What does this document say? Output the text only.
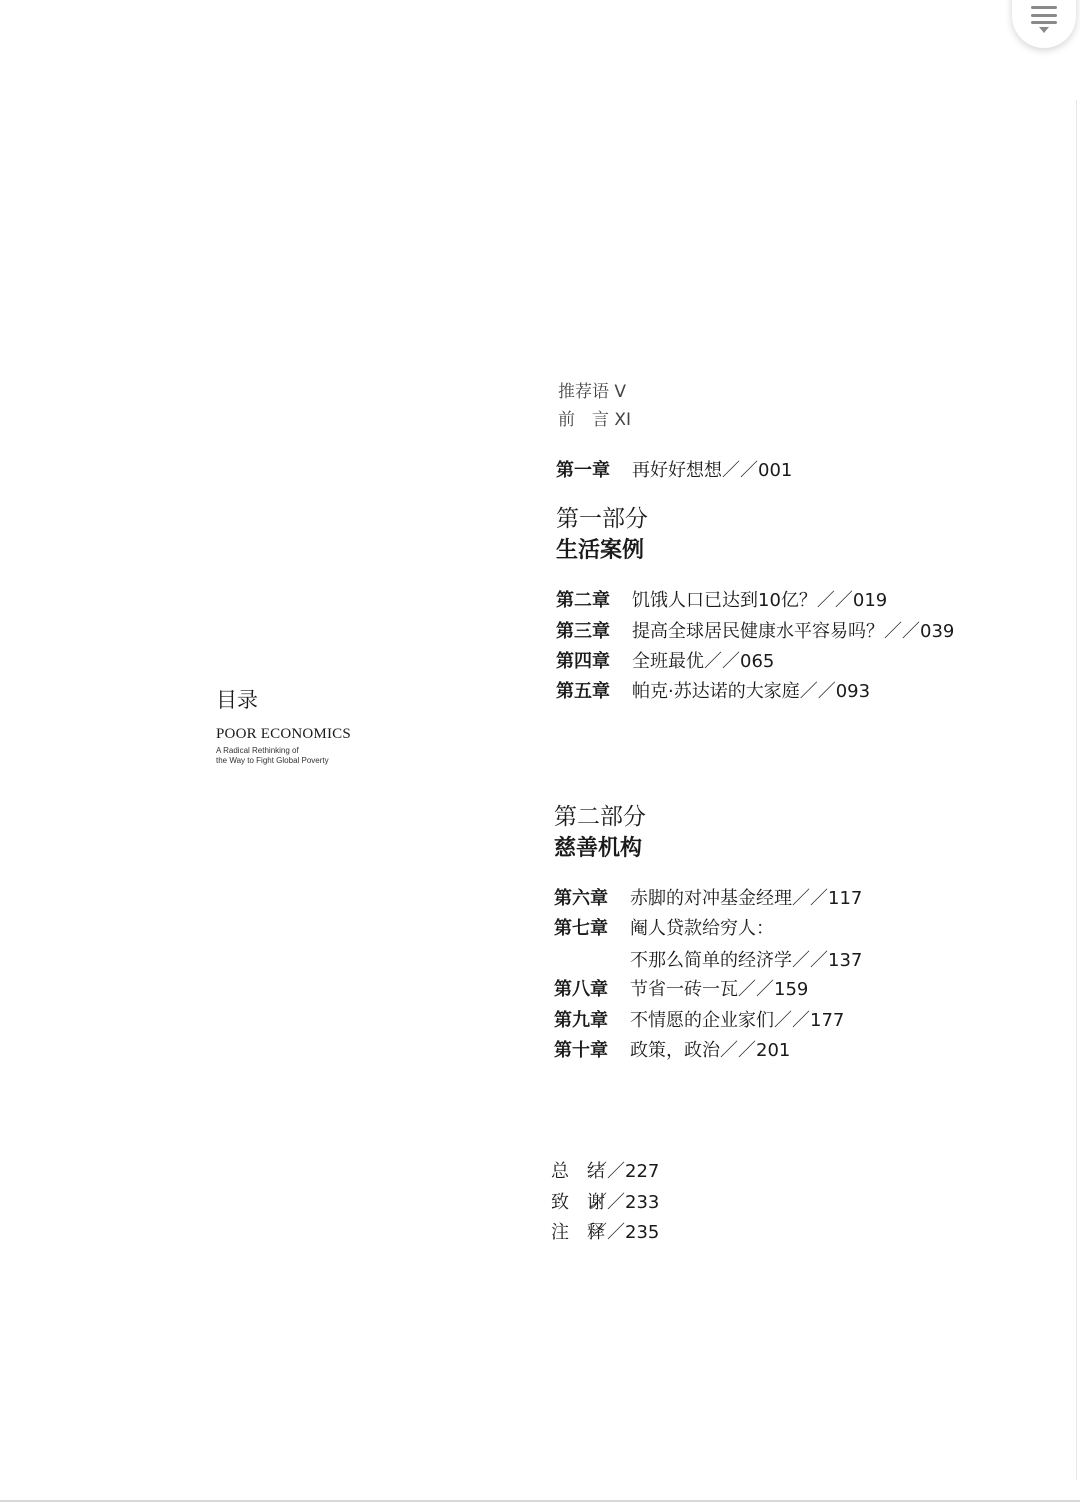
目录
POOR ECONOMICS
A Radical Rethinking of
the Way to Fight Global Poverty
推荐语 V
前　言 XI
第一章 再好好想想／／001
第一部分
生活案例
第二章 饥饿人口已达到10亿？／／019
第三章 提高全球居民健康水平容易吗？／／039
第四章 全班最优／／065
第五章 帕克·苏达诺的大家庭／／093
第二部分
慈善机构
第六章 赤脚的对冲基金经理／／117
第七章 阉人贷款给穷人：
不那么简单的经济学／／137
第八章 节省一砖一瓦／／159
第九章 不情愿的企业家们／／177
第十章 政策，政治／／201
总　结／／227
致　谢／／233
注　释／／235
